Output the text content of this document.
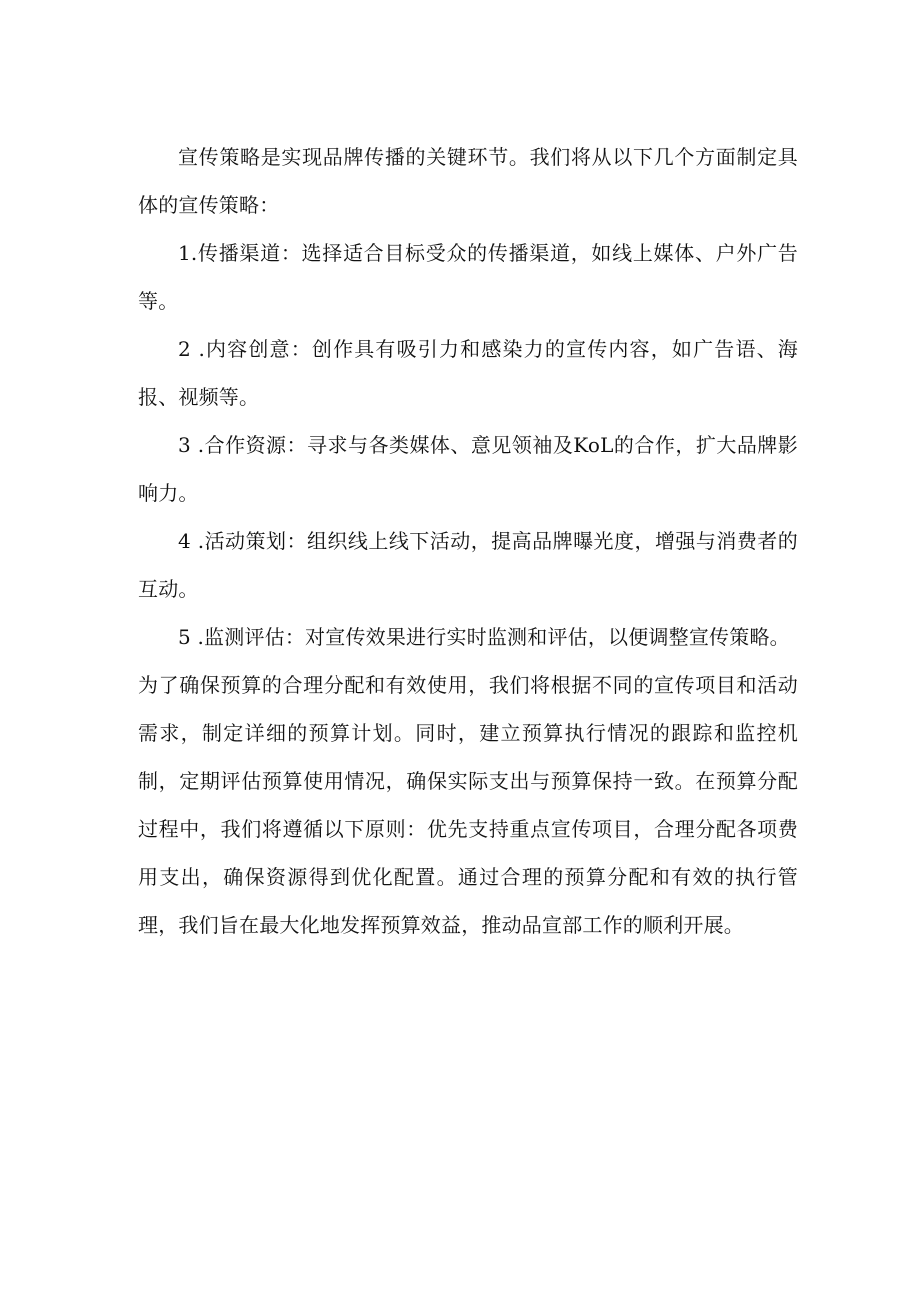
宣传策略是实现品牌传播的关键环节。我们将从以下几个方面制定具体的宣传策略：

1.传播渠道：选择适合目标受众的传播渠道，如线上媒体、户外广告等。

2 .内容创意：创作具有吸引力和感染力的宣传内容，如广告语、海报、视频等。

3 .合作资源：寻求与各类媒体、意见领袖及KoL的合作，扩大品牌影响力。

4 .活动策划：组织线上线下活动，提高品牌曝光度，增强与消费者的互动。

5 .监测评估：对宣传效果进行实时监测和评估，以便调整宣传策略。
为了确保预算的合理分配和有效使用，我们将根据不同的宣传项目和活动需求，制定详细的预算计划。同时，建立预算执行情况的跟踪和监控机制，定期评估预算使用情况，确保实际支出与预算保持一致。在预算分配过程中，我们将遵循以下原则：优先支持重点宣传项目，合理分配各项费用支出，确保资源得到优化配置。通过合理的预算分配和有效的执行管理，我们旨在最大化地发挥预算效益，推动品宣部工作的顺利开展。
